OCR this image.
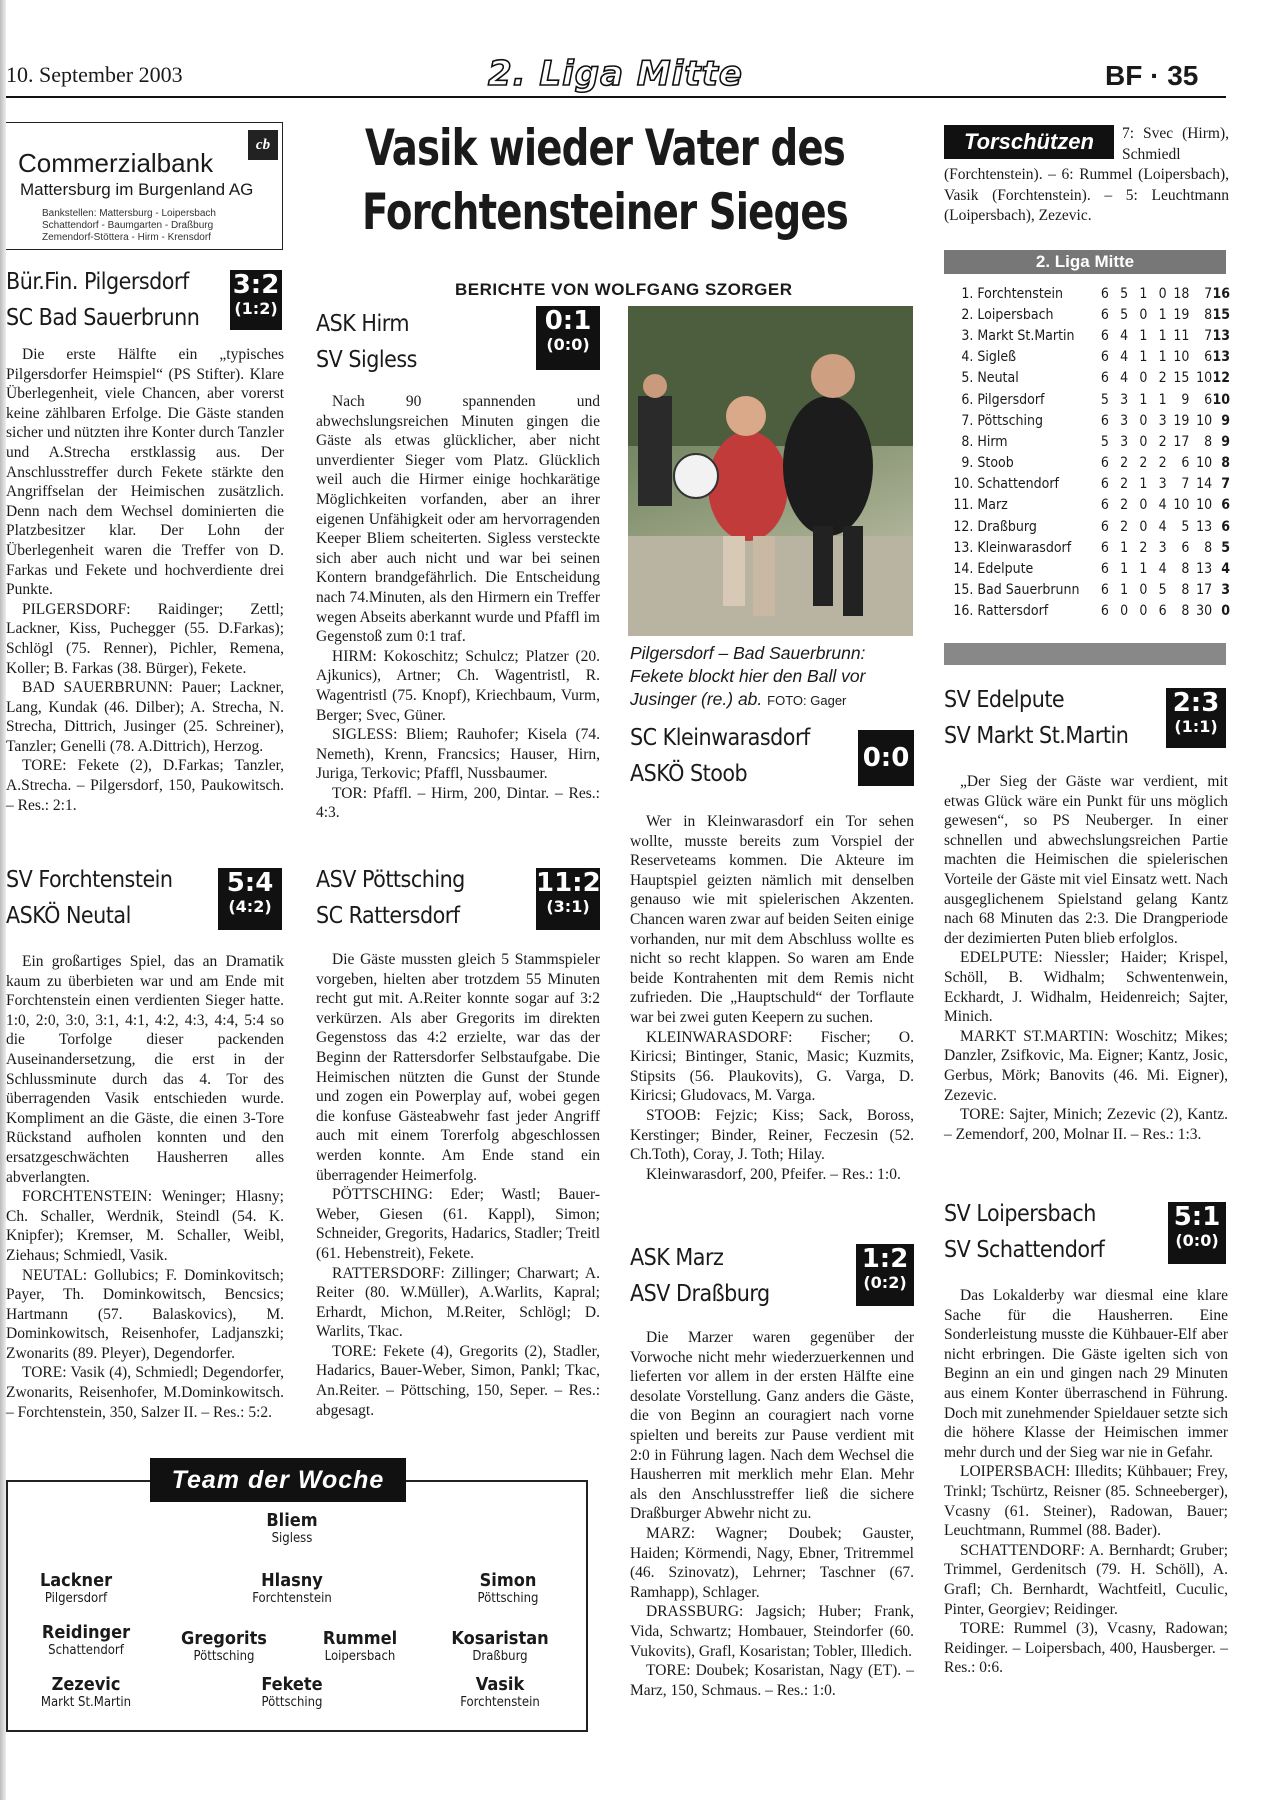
10. September 2003	2. Liga Mitte	BF · 35
Commerzialbank
cb
Mattersburg im Burgenland AG
Bankstellen: Mattersburg - Loipersbach
Schattendorf - Baumgarten - Draßburg
Zemendorf-Stöttera - Hirm - Krensdorf
Vasik wieder Vater des Forchtensteiner Sieges
BERICHTE VON WOLFGANG SZORGER
Bür.Fin. Pilgersdorf
SC Bad Sauerbrunn
3:2
(1:2)

Die erste Hälfte ein „typisches Pilgersdorfer Heimspiel“ (PS Stifter). Klare Überlegenheit, viele Chancen, aber vorerst keine zählbaren Erfolge. Die Gäste standen sicher und nützten ihre Konter durch Tanzler und A.Strecha erstklassig aus. Der Anschlusstreffer durch Fekete stärkte den Angriffselan der Heimischen zusätzlich. Denn nach dem Wechsel dominierten die Platzbesitzer klar. Der Lohn der Überlegenheit waren die Treffer von D. Farkas und Fekete und hochverdiente drei Punkte.

PILGERSDORF: Raidinger; Zettl; Lackner, Kiss, Puchegger (55. D.Farkas); Schlögl (75. Renner), Pichler, Remena, Koller; B. Farkas (38. Bürger), Fekete.

BAD SAUERBRUNN: Pauer; Lackner, Lang, Kundak (46. Dilber); A. Strecha, N. Strecha, Dittrich, Jusinger (25. Schreiner), Tanzler; Genelli (78. A.Dittrich), Herzog.

TORE: Fekete (2), D.Farkas; Tanzler, A.Strecha. – Pilgersdorf, 150, Paukowitsch. – Res.: 2:1.

SV Forchtenstein
ASKÖ Neutal
5:4
(4:2)

Ein großartiges Spiel, das an Dramatik kaum zu überbieten war und am Ende mit Forchtenstein einen verdienten Sieger hatte. 1:0, 2:0, 3:0, 3:1, 4:1, 4:2, 4:3, 4:4, 5:4 so die Torfolge dieser packenden Auseinandersetzung, die erst in der Schlussminute durch das 4. Tor des überragenden Vasik entschieden wurde. Kompliment an die Gäste, die einen 3-Tore Rückstand aufholen konnten und den ersatzgeschwächten Hausherren alles abverlangten.

FORCHTENSTEIN: Weninger; Hlasny; Ch. Schaller, Werdnik, Steindl (54. K. Knipfer); Kremser, M. Schaller, Weibl, Ziehaus; Schmiedl, Vasik.

NEUTAL: Gollubics; F. Dominkovitsch; Payer, Th. Dominkowitsch, Bencsics; Hartmann (57. Balaskovics), M. Dominkowitsch, Reisenhofer, Ladjanszki; Zwonarits (89. Pleyer), Degendorfer.

TORE: Vasik (4), Schmiedl; Degendorfer, Zwonarits, Reisenhofer, M.Dominkowitsch. – Forchtenstein, 350, Salzer II. – Res.: 5:2.

ASK Hirm
SV Sigless
0:1
(0:0)

Nach 90 spannenden und abwechslungsreichen Minuten gingen die Gäste als etwas glücklicher, aber nicht unverdienter Sieger vom Platz. Glücklich weil auch die Hirmer einige hochkarätige Möglichkeiten vorfanden, aber an ihrer eigenen Unfähigkeit oder am hervorragenden Keeper Bliem scheiterten. Sigless versteckte sich aber auch nicht und war bei seinen Kontern brandgefährlich. Die Entscheidung nach 74.Minuten, als den Hirmern ein Treffer wegen Abseits aberkannt wurde und Pfaffl im Gegenstoß zum 0:1 traf.

HIRM: Kokoschitz; Schulcz; Platzer (20. Ajkunics), Artner; Ch. Wagentristl, R. Wagentristl (75. Knopf), Kriechbaum, Vurm, Berger; Svec, Güner.

SIGLESS: Bliem; Rauhofer; Kisela (74. Nemeth), Krenn, Francsics; Hauser, Hirn, Juriga, Terkovic; Pfaffl, Nussbaumer.

TOR: Pfaffl. – Hirm, 200, Dintar. – Res.: 4:3.

ASV Pöttsching
SC Rattersdorf
11:2
(3:1)

Die Gäste mussten gleich 5 Stammspieler vorgeben, hielten aber trotzdem 55 Minuten recht gut mit. A.Reiter konnte sogar auf 3:2 verkürzen. Als aber Gregorits im direkten Gegenstoss das 4:2 erzielte, war das der Beginn der Rattersdorfer Selbstaufgabe. Die Heimischen nützten die Gunst der Stunde und zogen ein Powerplay auf, wobei gegen die konfuse Gästeabwehr fast jeder Angriff auch mit einem Torerfolg abgeschlossen werden konnte. Am Ende stand ein überragender Heimerfolg.

PÖTTSCHING: Eder; Wastl; Bauer-Weber, Giesen (61. Kappl), Simon; Schneider, Gregorits, Hadarics, Stadler; Treitl (61. Hebenstreit), Fekete.

RATTERSDORF: Zillinger; Charwart; A. Reiter (80. W.Müller), A.Warlits, Kapral; Erhardt, Michon, M.Reiter, Schlögl; D. Warlits, Tkac.

TORE: Fekete (4), Gregorits (2), Stadler, Hadarics, Bauer-Weber, Simon, Pankl; Tkac, An.Reiter. – Pöttsching, 150, Seper. – Res.: abgesagt.

Pilgersdorf – Bad Sauerbrunn: Fekete blockt hier den Ball vor Jusinger (re.) ab. FOTO: Gager
SC Kleinwarasdorf
ASKÖ Stoob
0:0

Wer in Kleinwarasdorf ein Tor sehen wollte, musste bereits zum Vorspiel der Reserveteams kommen. Die Akteure im Hauptspiel geizten nämlich mit denselben genauso wie mit spielerischen Akzenten. Chancen waren zwar auf beiden Seiten einige vorhanden, nur mit dem Abschluss wollte es nicht so recht klappen. So waren am Ende beide Kontrahenten mit dem Remis nicht zufrieden. Die „Hauptschuld“ der Torflaute war bei zwei guten Keepern zu suchen.

KLEINWARASDORF: Fischer; O. Kiricsi; Bintinger, Stanic, Masic; Kuzmits, Stipsits (56. Plaukovits), G. Varga, D. Kiricsi; Gludovacs, M. Varga.

STOOB: Fejzic; Kiss; Sack, Boross, Kerstinger; Binder, Reiner, Feczesin (52. Ch.Toth), Coray, J. Toth; Hilay.

Kleinwarasdorf, 200, Pfeifer. – Res.: 1:0.

ASK Marz
ASV Draßburg
1:2
(0:2)

Die Marzer waren gegenüber der Vorwoche nicht mehr wiederzuerkennen und lieferten vor allem in der ersten Hälfte eine desolate Vorstellung. Ganz anders die Gäste, die von Beginn an couragiert nach vorne spielten und bereits zur Pause verdient mit 2:0 in Führung lagen. Nach dem Wechsel die Hausherren mit merklich mehr Elan. Mehr als den Anschlusstreffer ließ die sichere Draßburger Abwehr nicht zu.

MARZ: Wagner; Doubek; Gauster, Haiden; Körmendi, Nagy, Ebner, Tritremmel (46. Szinovatz), Lehrner; Taschner (67. Ramhapp), Schlager.

DRASSBURG: Jagsich; Huber; Frank, Vida, Schwartz; Hombauer, Steindorfer (60. Vukovits), Grafl, Kosaristan; Tobler, Illedich.

TORE: Doubek; Kosaristan, Nagy (ET). – Marz, 150, Schmaus. – Res.: 1:0.

7: Svec (Hirm), Schmiedl (Forchtenstein). – 6: Rummel (Loipersbach), Vasik (Forchtenstein). – 5: Leuchtmann (Loipersbach), Zezevic.
Torschützen
2. Liga Mitte
1.	Forchtenstein	6	5	1	0	18	7	16
2.	Loipersbach	6	5	0	1	19	8	15
3.	Markt St.Martin	6	4	1	1	11	7	13
4.	Sigleß	6	4	1	1	10	6	13
5.	Neutal	6	4	0	2	15	10	12
6.	Pilgersdorf	5	3	1	1	9	6	10
7.	Pöttsching	6	3	0	3	19	10	9
8.	Hirm	5	3	0	2	17	8	9
9.	Stoob	6	2	2	2	6	10	8
10.	Schattendorf	6	2	1	3	7	14	7
11.	Marz	6	2	0	4	10	10	6
12.	Draßburg	6	2	0	4	5	13	6
13.	Kleinwarasdorf	6	1	2	3	6	8	5
14.	Edelpute	6	1	1	4	8	13	4
15.	Bad Sauerbrunn	6	1	0	5	8	17	3
16.	Rattersdorf	6	0	0	6	8	30	0
SV Edelpute
SV Markt St.Martin
2:3
(1:1)

„Der Sieg der Gäste war verdient, mit etwas Glück wäre ein Punkt für uns möglich gewesen“, so PS Neuberger. In einer schnellen und abwechslungsreichen Partie machten die Heimischen die spielerischen Vorteile der Gäste mit viel Einsatz wett. Nach ausgeglichenem Spielstand gelang Kantz nach 68 Minuten das 2:3. Die Drangperiode der dezimierten Puten blieb erfolglos.

EDELPUTE: Niessler; Haider; Krispel, Schöll, B. Widhalm; Schwentenwein, Eckhardt, J. Widhalm, Heidenreich; Sajter, Minich.

MARKT ST.MARTIN: Woschitz; Mikes; Danzler, Zsifkovic, Ma. Eigner; Kantz, Josic, Gerbus, Mörk; Banovits (46. Mi. Eigner), Zezevic.

TORE: Sajter, Minich; Zezevic (2), Kantz. – Zemendorf, 200, Molnar II. – Res.: 1:3.

SV Loipersbach
SV Schattendorf
5:1
(0:0)

Das Lokalderby war diesmal eine klare Sache für die Hausherren. Eine Sonderleistung musste die Kühbauer-Elf aber nicht erbringen. Die Gäste igelten sich von Beginn an ein und gingen nach 29 Minuten aus einem Konter überraschend in Führung. Doch mit zunehmender Spieldauer setzte sich die höhere Klasse der Heimischen immer mehr durch und der Sieg war nie in Gefahr.

LOIPERSBACH: Illedits; Kühbauer; Frey, Trinkl; Tschürtz, Reisner (85. Schneeberger), Vcasny (61. Steiner), Radowan, Bauer; Leuchtmann, Rummel (88. Bader).

SCHATTENDORF: A. Bernhardt; Gruber; Trimmel, Gerdenitsch (79. H. Schöll), A. Grafl; Ch. Bernhardt, Wachtfeitl, Cuculic, Pinter, Georgiev; Reidinger.

TORE: Rummel (3), Vcasny, Radowan; Reidinger. – Loipersbach, 400, Hausberger. – Res.: 0:6.

Team der Woche
Bliem
Sigless
Lackner
Pilgersdorf
Hlasny
Forchtenstein
Simon
Pöttsching
Reidinger
Schattendorf
Gregorits
Pöttsching
Rummel
Loipersbach
Kosaristan
Draßburg
Zezevic
Markt St.Martin
Fekete
Pöttsching
Vasik
Forchtenstein
